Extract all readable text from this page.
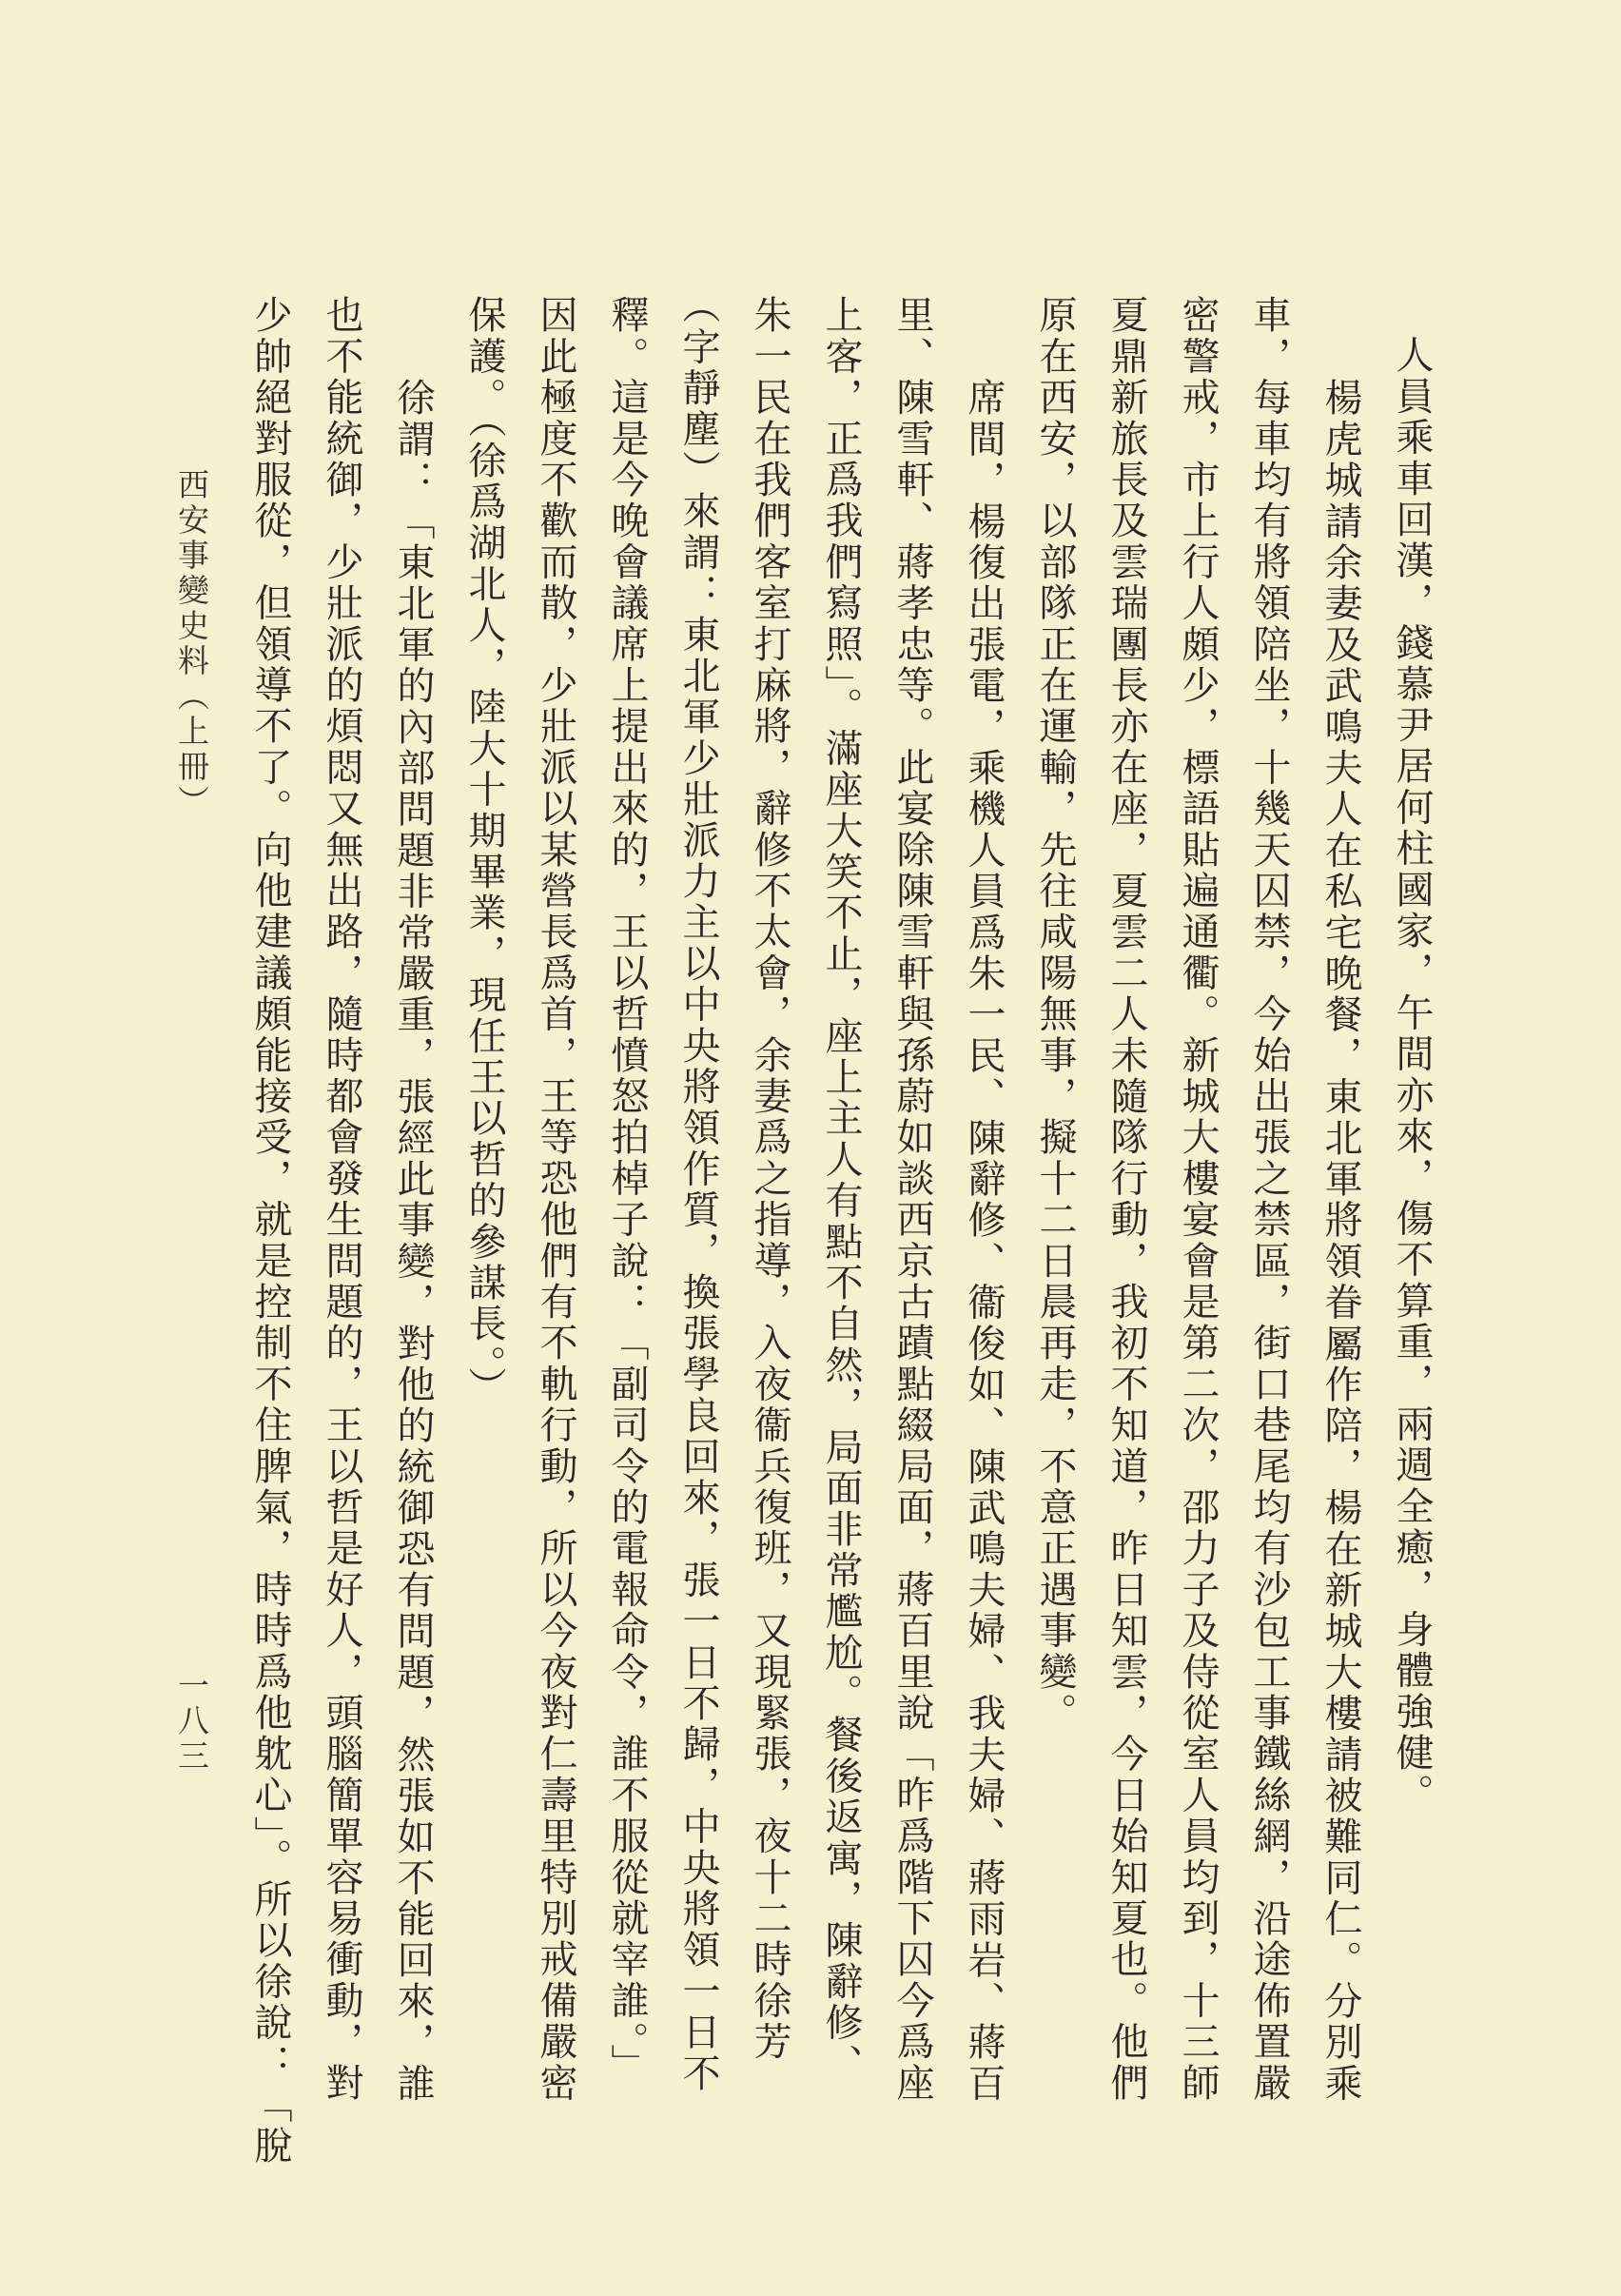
人員乘車回漢，錢慕尹居何柱國家，午間亦來，傷不算重，兩週全癒，身體強健。
楊虎城請余妻及武鳴夫人在私宅晚餐，東北軍將領眷屬作陪，楊在新城大樓請被難同仁。分別乘
車，每車均有將領陪坐，十幾天囚禁，今始出張之禁區，街口巷尾均有沙包工事鐵絲網，沿途佈置嚴
密警戒，市上行人頗少，標語貼遍通衢。新城大樓宴會是第二次，邵力子及侍從室人員均到，十三師
夏鼎新旅長及雲瑞團長亦在座，夏雲二人未隨隊行動，我初不知道，昨日知雲，今日始知夏也。他們
原在西安，以部隊正在運輸，先往咸陽無事，擬十二日晨再走，不意正遇事變。
席間，楊復出張電，乘機人員爲朱一民、陳辭修、衞俊如、陳武鳴夫婦、我夫婦、蔣雨岩、蔣百
里、陳雪軒、蔣孝忠等。此宴除陳雪軒與孫蔚如談西京古蹟點綴局面，蔣百里說「昨爲階下囚今爲座
上客，正爲我們寫照」。滿座大笑不止，座上主人有點不自然，局面非常尷尬。餐後返寓，陳辭修、
朱一民在我們客室打麻將，辭修不太會，余妻爲之指導，入夜衞兵復班，又現緊張，夜十二時徐芳
（字靜塵）來謂：東北軍少壯派力主以中央將領作質，換張學良回來，張一日不歸，中央將領一日不
釋。這是今晚會議席上提出來的，王以哲憤怒拍棹子說：「副司令的電報命令，誰不服從就宰誰。」
因此極度不歡而散，少壯派以某營長爲首，王等恐他們有不軌行動，所以今夜對仁壽里特別戒備嚴密
保護。（徐爲湖北人，陸大十期畢業，現任王以哲的參謀長。）
徐謂：「東北軍的內部問題非常嚴重，張經此事變，對他的統御恐有問題，然張如不能回來，誰
也不能統御，少壯派的煩悶又無出路，隨時都會發生問題的，王以哲是好人，頭腦簡單容易衝動，對
少帥絕對服從，但領導不了。向他建議頗能接受，就是控制不住脾氣，時時爲他躭心」。所以徐說：「脫
西安事變史料（上冊）
一八三
